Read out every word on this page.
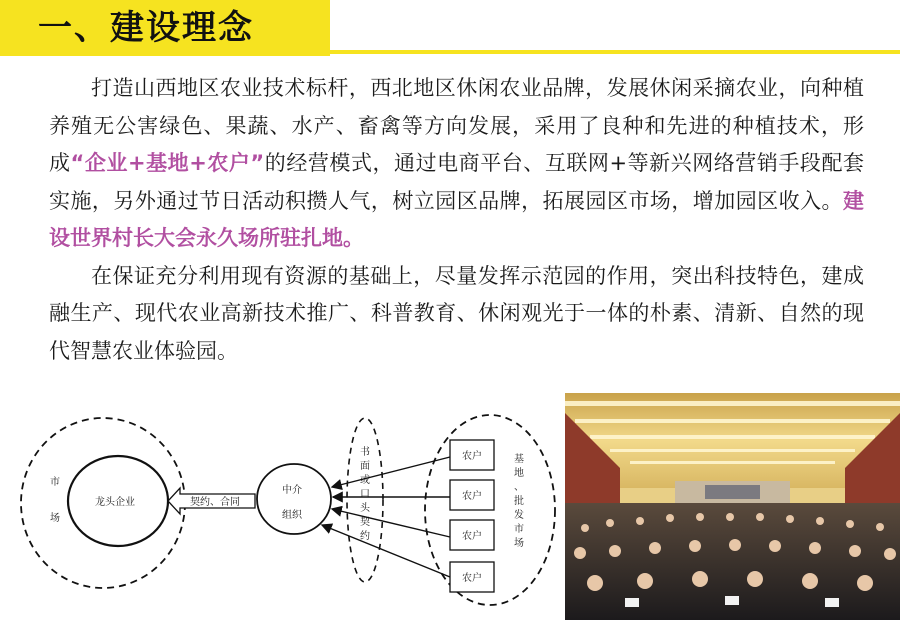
一、建设理念

打造山西地区农业技术标杆，西北地区休闲农业品牌，发展休闲采摘农业，向种植养殖无公害绿色、果蔬、水产、畜禽等方向发展，采用了良种和先进的种植技术，形成“企业+基地+农户”的经营模式，通过电商平台、互联网+等新兴网络营销手段配套实施，另外通过节日活动积攒人气，树立园区品牌，拓展园区市场，增加园区收入。建设世界村长大会永久场所驻扎地。

在保证充分利用现有资源的基础上，尽量发挥示范园的作用，突出科技特色，建成融生产、现代农业高新技术推广、科普教育、休闲观光于一体的朴素、清新、自然的现代智慧农业体验园。

市
场
龙头企业	契约、合同
中介
组织
书
面
或
口
头
契
约
农户
农户
农户
农户
基
地
、
批
发
市
场
